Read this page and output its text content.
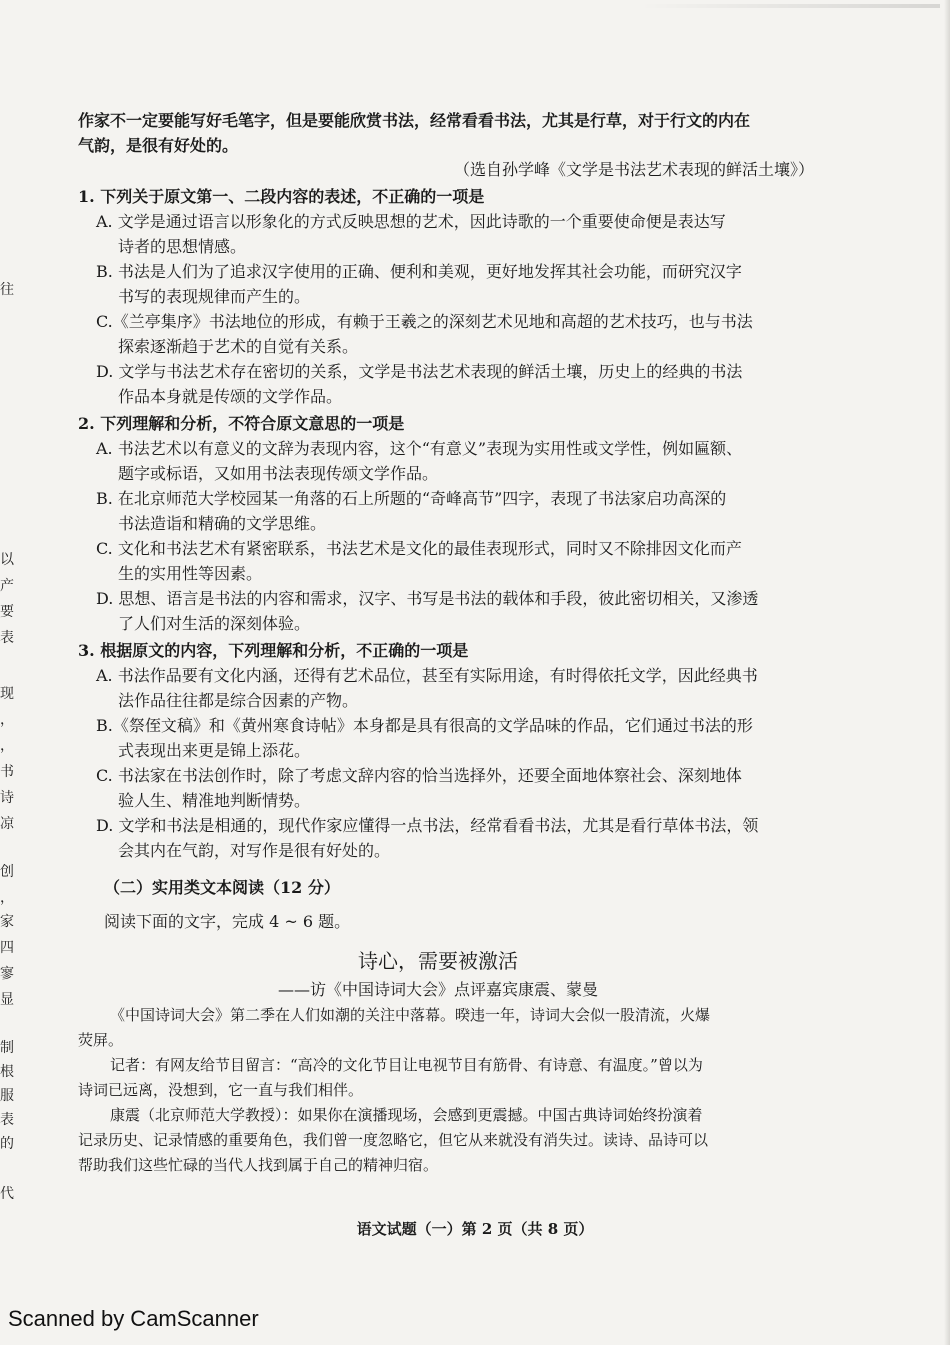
往
以
产
要
表
现
，
，
书
诗
凉
创
，
家
四
寥
显
制
根
服
表
的
代
作家不一定要能写好毛笔字，但是要能欣赏书法，经常看看书法，尤其是行草，对于行文的内在
气韵，是很有好处的。
（选自孙学峰《文学是书法艺术表现的鲜活土壤》）
1. 下列关于原文第一、二段内容的表述，不正确的一项是
A. 文学是通过语言以形象化的方式反映思想的艺术，因此诗歌的一个重要使命便是表达写
诗者的思想情感。
B. 书法是人们为了追求汉字使用的正确、便利和美观，更好地发挥其社会功能，而研究汉字
书写的表现规律而产生的。
C.《兰亭集序》书法地位的形成，有赖于王羲之的深刻艺术见地和高超的艺术技巧，也与书法
探索逐渐趋于艺术的自觉有关系。
D. 文学与书法艺术存在密切的关系，文学是书法艺术表现的鲜活土壤，历史上的经典的书法
作品本身就是传颂的文学作品。
2. 下列理解和分析，不符合原文意思的一项是
A. 书法艺术以有意义的文辞为表现内容，这个“有意义”表现为实用性或文学性，例如匾额、
题字或标语，又如用书法表现传颂文学作品。
B. 在北京师范大学校园某一角落的石上所题的“奇峰高节”四字，表现了书法家启功高深的
书法造诣和精确的文学思维。
C. 文化和书法艺术有紧密联系，书法艺术是文化的最佳表现形式，同时又不除排因文化而产
生的实用性等因素。
D. 思想、语言是书法的内容和需求，汉字、书写是书法的载体和手段，彼此密切相关，又渗透
了人们对生活的深刻体验。
3. 根据原文的内容，下列理解和分析，不正确的一项是
A. 书法作品要有文化内涵，还得有艺术品位，甚至有实际用途，有时得依托文学，因此经典书
法作品往往都是综合因素的产物。
B.《祭侄文稿》和《黄州寒食诗帖》本身都是具有很高的文学品味的作品，它们通过书法的形
式表现出来更是锦上添花。
C. 书法家在书法创作时，除了考虑文辞内容的恰当选择外，还要全面地体察社会、深刻地体
验人生、精准地判断情势。
D. 文学和书法是相通的，现代作家应懂得一点书法，经常看看书法，尤其是看行草体书法，领
会其内在气韵，对写作是很有好处的。
（二）实用类文本阅读（12 分）
阅读下面的文字，完成 4 ~ 6 题。
诗心，需要被激活
——访《中国诗词大会》点评嘉宾康震、蒙曼
《中国诗词大会》第二季在人们如潮的关注中落幕。暌违一年，诗词大会似一股清流，火爆
荧屏。
记者：有网友给节目留言：“高冷的文化节目让电视节目有筋骨、有诗意、有温度。”曾以为
诗词已远离，没想到，它一直与我们相伴。
康震（北京师范大学教授）：如果你在演播现场，会感到更震撼。中国古典诗词始终扮演着
记录历史、记录情感的重要角色，我们曾一度忽略它，但它从来就没有消失过。读诗、品诗可以
帮助我们这些忙碌的当代人找到属于自己的精神归宿。
语文试题（一）第 2 页（共 8 页）
Scanned by CamScanner
